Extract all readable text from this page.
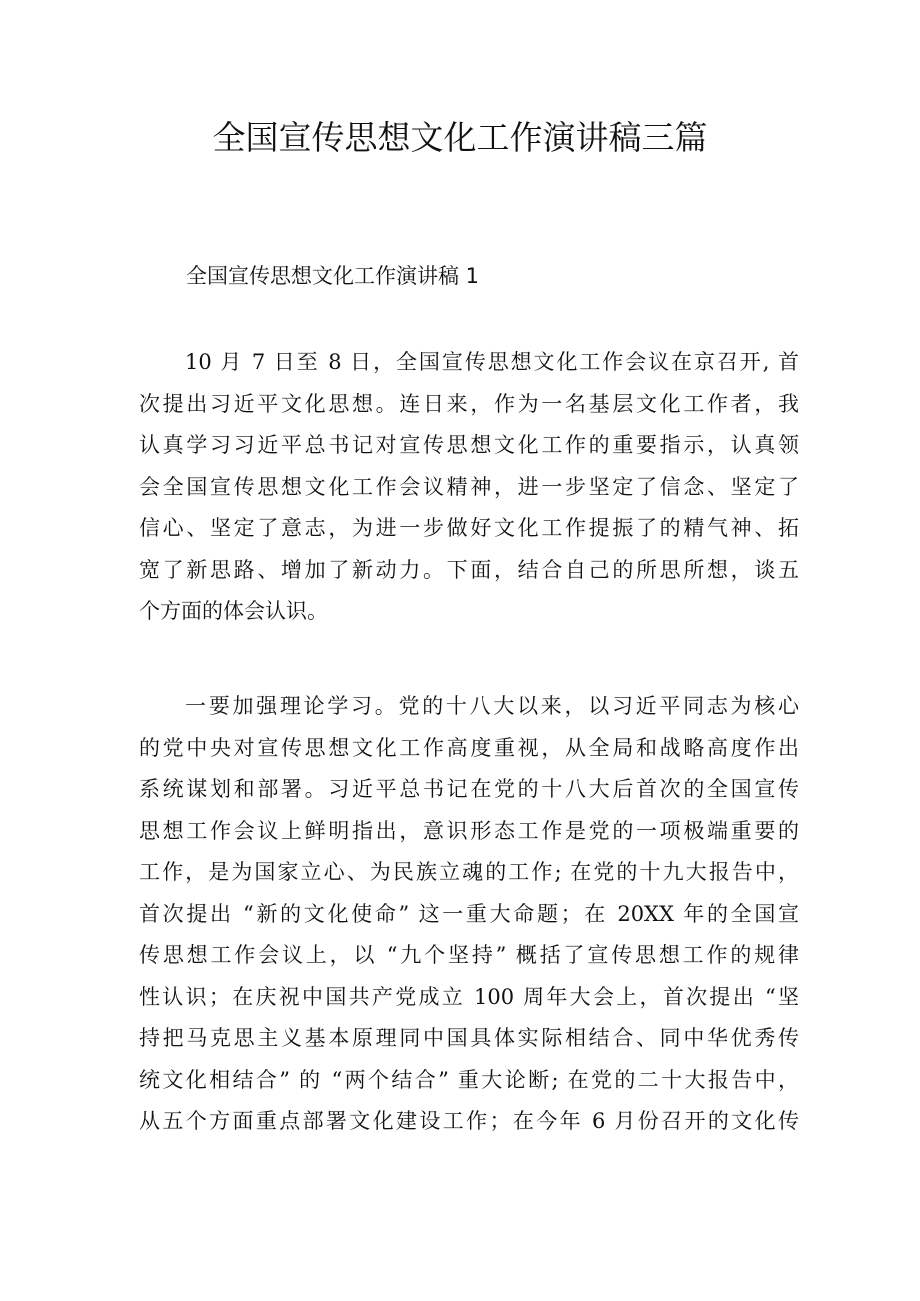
全国宣传思想文化工作演讲稿三篇
全国宣传思想文化工作演讲稿 1
10 月 7 日至 8 日，全国宣传思想文化工作会议在京召开, 首
次提出习近平文化思想。连日来，作为一名基层文化工作者，我
认真学习习近平总书记对宣传思想文化工作的重要指示，认真领
会全国宣传思想文化工作会议精神，进一步坚定了信念、坚定了
信心、坚定了意志，为进一步做好文化工作提振了的精气神、拓
宽了新思路、增加了新动力。下面，结合自己的所思所想，谈五
个方面的体会认识。
一要加强理论学习。党的十八大以来，以习近平同志为核心
的党中央对宣传思想文化工作高度重视，从全局和战略高度作出
系统谋划和部署。习近平总书记在党的十八大后首次的全国宣传
思想工作会议上鲜明指出，意识形态工作是党的一项极端重要的
工作，是为国家立心、为民族立魂的工作; 在党的十九大报告中，
首次提出 “新的文化使命” 这一重大命题；在 20XX 年的全国宣
传思想工作会议上，以 “九个坚持” 概括了宣传思想工作的规律
性认识；在庆祝中国共产党成立 100 周年大会上，首次提出 “坚
持把马克思主义基本原理同中国具体实际相结合、同中华优秀传
统文化相结合” 的 “两个结合” 重大论断; 在党的二十大报告中，
从五个方面重点部署文化建设工作；在今年 6 月份召开的文化传
